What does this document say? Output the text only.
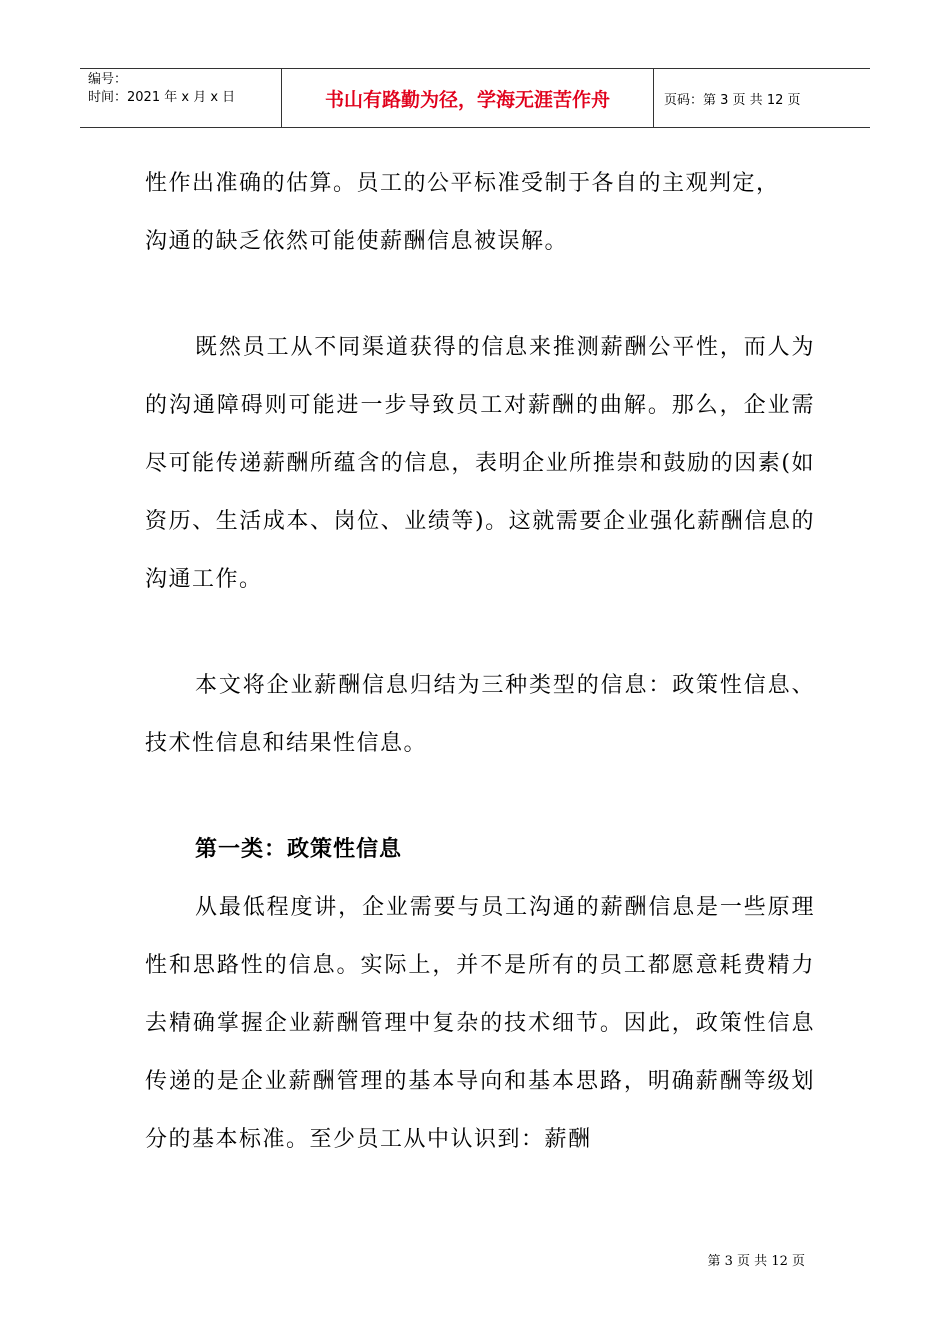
编号：
时间： 2021 年 x 月 x 日	书山有路勤为径，学海无涯苦作舟	页码： 第 3 页 共 12 页

性作出准确的估算。员工的公平标准受制于各自的主观判定，

沟通的缺乏依然可能使薪酬信息被误解。

既然员工从不同渠道获得的信息来推测薪酬公平性，而人为的沟通障碍则可能进一步导致员工对薪酬的曲解。那么，企业需尽可能传递薪酬所蕴含的信息，表明企业所推崇和鼓励的因素(如资历、生活成本、岗位、业绩等)。这就需要企业强化薪酬信息的沟通工作。

本文将企业薪酬信息归结为三种类型的信息：政策性信息、技术性信息和结果性信息。

第一类：政策性信息

从最低程度讲，企业需要与员工沟通的薪酬信息是一些原理性和思路性的信息。实际上，并不是所有的员工都愿意耗费精力去精确掌握企业薪酬管理中复杂的技术细节。因此，政策性信息传递的是企业薪酬管理的基本导向和基本思路，明确薪酬等级划分的基本标准。至少员工从中认识到：薪酬

第 3 页 共 12 页
